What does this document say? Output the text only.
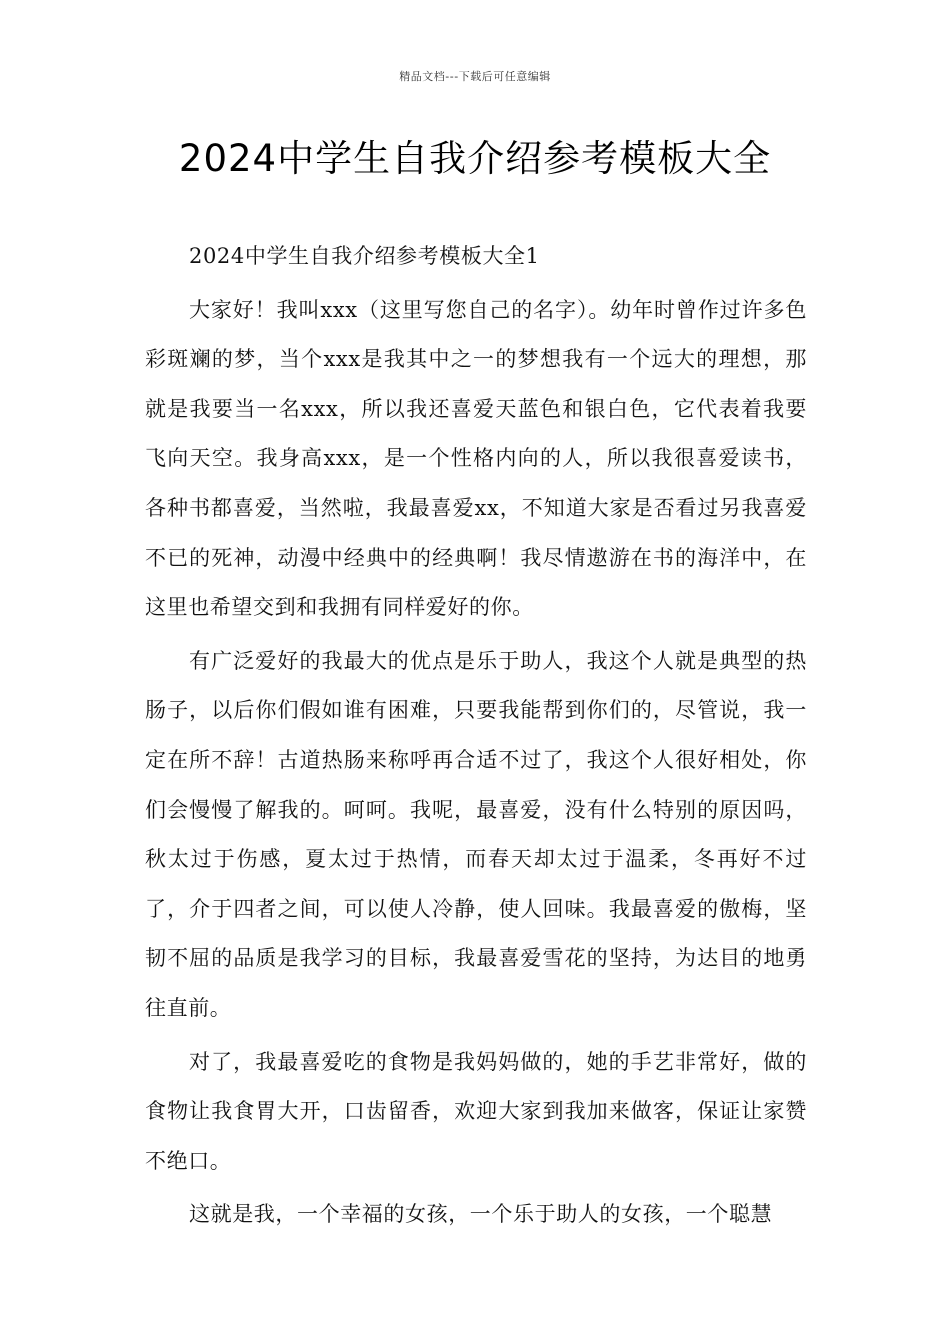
精品文档---下载后可任意编辑
2024中学生自我介绍参考模板大全

2024中学生自我介绍参考模板大全1

大家好！我叫xxx（这里写您自己的名字）。幼年时曾作过许多色彩斑斓的梦，当个xxx是我其中之一的梦想我有一个远大的理想，那就是我要当一名xxx，所以我还喜爱天蓝色和银白色，它代表着我要飞向天空。我身高xxx，是一个性格内向的人，所以我很喜爱读书，各种书都喜爱，当然啦，我最喜爱xx，不知道大家是否看过另我喜爱不已的死神，动漫中经典中的经典啊！我尽情遨游在书的海洋中，在这里也希望交到和我拥有同样爱好的你。

有广泛爱好的我最大的优点是乐于助人，我这个人就是典型的热肠子，以后你们假如谁有困难，只要我能帮到你们的，尽管说，我一定在所不辞！古道热肠来称呼再合适不过了，我这个人很好相处，你们会慢慢了解我的。呵呵。我呢，最喜爱，没有什么特别的原因吗，秋太过于伤感，夏太过于热情，而春天却太过于温柔，冬再好不过了，介于四者之间，可以使人冷静，使人回味。我最喜爱的傲梅，坚韧不屈的品质是我学习的目标，我最喜爱雪花的坚持，为达目的地勇往直前。

对了，我最喜爱吃的食物是我妈妈做的，她的手艺非常好，做的食物让我食胃大开，口齿留香，欢迎大家到我加来做客，保证让家赞不绝口。

这就是我，一个幸福的女孩，一个乐于助人的女孩，一个聪慧
